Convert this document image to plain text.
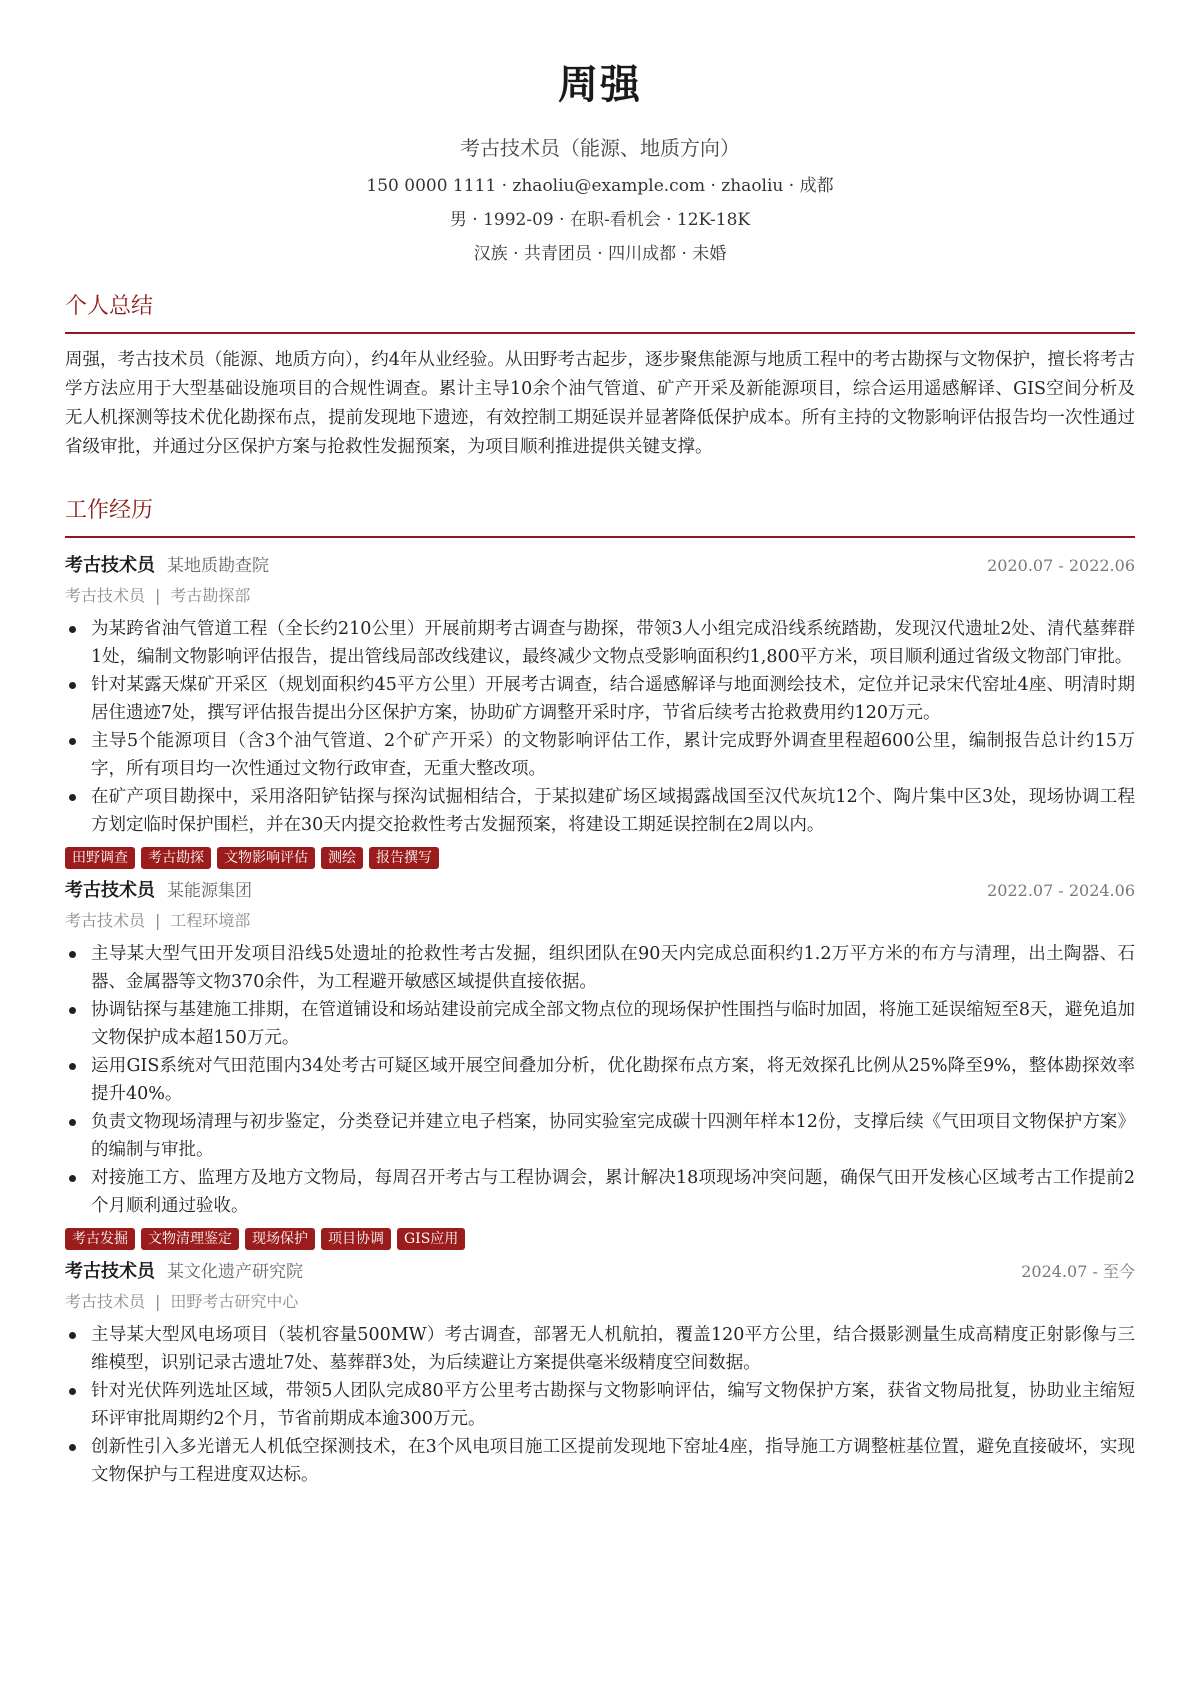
周强
考古技术员（能源、地质方向）
150 0000 1111 · zhaoliu@example.com · zhaoliu · 成都
男 · 1992-09 · 在职-看机会 · 12K-18K
汉族 · 共青团员 · 四川成都 · 未婚
个人总结

周强，考古技术员（能源、地质方向），约4年从业经验。从田野考古起步，逐步聚焦能源与地质工程中的考古勘探与文物保护，擅长将考古学方法应用于大型基础设施项目的合规性调查。累计主导10余个油气管道、矿产开采及新能源项目，综合运用遥感解译、GIS空间分析及无人机探测等技术优化勘探布点，提前发现地下遗迹，有效控制工期延误并显著降低保护成本。所有主持的文物影响评估报告均一次性通过省级审批，并通过分区保护方案与抢救性发掘预案，为项目顺利推进提供关键支撑。

工作经历
考古技术员 某地质勘查院	2020.07 - 2022.06
考古技术员 | 考古勘探部
为某跨省油气管道工程（全长约210公里）开展前期考古调查与勘探，带领3人小组完成沿线系统踏勘，发现汉代遗址2处、清代墓葬群1处，编制文物影响评估报告，提出管线局部改线建议，最终减少文物点受影响面积约1,800平方米，项目顺利通过省级文物部门审批。
针对某露天煤矿开采区（规划面积约45平方公里）开展考古调查，结合遥感解译与地面测绘技术，定位并记录宋代窑址4座、明清时期居住遗迹7处，撰写评估报告提出分区保护方案，协助矿方调整开采时序，节省后续考古抢救费用约120万元。
主导5个能源项目（含3个油气管道、2个矿产开采）的文物影响评估工作，累计完成野外调查里程超600公里，编制报告总计约15万字，所有项目均一次性通过文物行政审查，无重大整改项。
在矿产项目勘探中，采用洛阳铲钻探与探沟试掘相结合，于某拟建矿场区域揭露战国至汉代灰坑12个、陶片集中区3处，现场协调工程方划定临时保护围栏，并在30天内提交抢救性考古发掘预案，将建设工期延误控制在2周以内。
田野调查	考古勘探	文物影响评估	测绘	报告撰写
考古技术员 某能源集团	2022.07 - 2024.06
考古技术员 | 工程环境部
主导某大型气田开发项目沿线5处遗址的抢救性考古发掘，组织团队在90天内完成总面积约1.2万平方米的布方与清理，出土陶器、石器、金属器等文物370余件，为工程避开敏感区域提供直接依据。
协调钻探与基建施工排期，在管道铺设和场站建设前完成全部文物点位的现场保护性围挡与临时加固，将施工延误缩短至8天，避免追加文物保护成本超150万元。
运用GIS系统对气田范围内34处考古可疑区域开展空间叠加分析，优化勘探布点方案，将无效探孔比例从25%降至9%，整体勘探效率提升40%。
负责文物现场清理与初步鉴定，分类登记并建立电子档案，协同实验室完成碳十四测年样本12份，支撑后续《气田项目文物保护方案》的编制与审批。
对接施工方、监理方及地方文物局，每周召开考古与工程协调会，累计解决18项现场冲突问题，确保气田开发核心区域考古工作提前2个月顺利通过验收。
考古发掘	文物清理鉴定	现场保护	项目协调	GIS应用
考古技术员 某文化遗产研究院	2024.07 - 至今
考古技术员 | 田野考古研究中心
主导某大型风电场项目（装机容量500MW）考古调查，部署无人机航拍，覆盖120平方公里，结合摄影测量生成高精度正射影像与三维模型，识别记录古遗址7处、墓葬群3处，为后续避让方案提供毫米级精度空间数据。
针对光伏阵列选址区域，带领5人团队完成80平方公里考古勘探与文物影响评估，编写文物保护方案，获省文物局批复，协助业主缩短环评审批周期约2个月，节省前期成本逾300万元。
创新性引入多光谱无人机低空探测技术，在3个风电项目施工区提前发现地下窑址4座，指导施工方调整桩基位置，避免直接破坏，实现文物保护与工程进度双达标。
